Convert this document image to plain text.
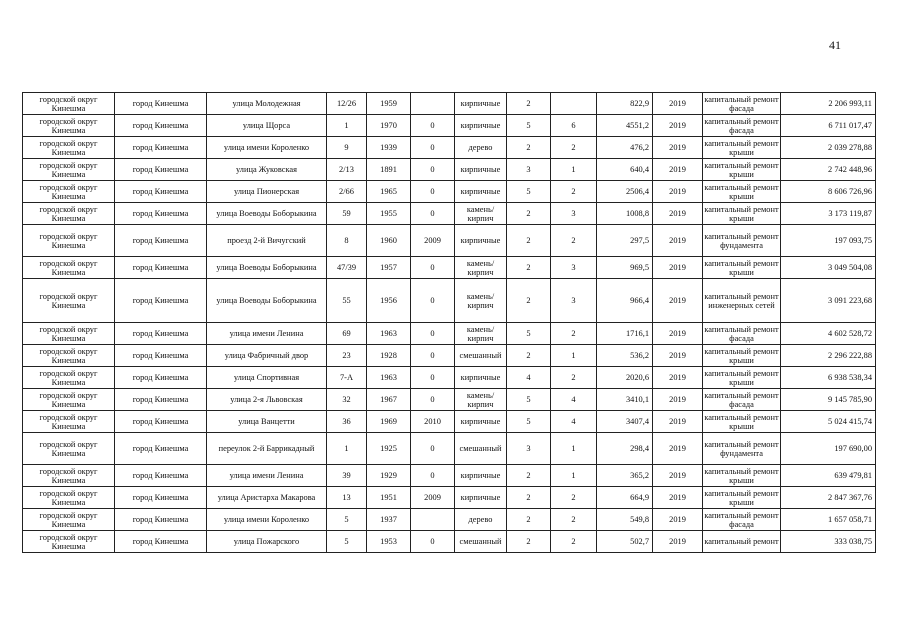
41
городской округ Кинешма	город Кинешма	улица Молодежная	12/26	1959		кирпичные	2		822,9	2019	капитальный ремонт фасада	2 206 993,11
городской округ Кинешма	город Кинешма	улица Щорса	1	1970	0	кирпичные	5	6	4551,2	2019	капитальный ремонт фасада	6 711 017,47
городской округ Кинешма	город Кинешма	улица имени Короленко	9	1939	0	дерево	2	2	476,2	2019	капитальный ремонт крыши	2 039 278,88
городской округ Кинешма	город Кинешма	улица Жуковская	2/13	1891	0	кирпичные	3	1	640,4	2019	капитальный ремонт крыши	2 742 448,96
городской округ Кинешма	город Кинешма	улица Пионерская	2/66	1965	0	кирпичные	5	2	2506,4	2019	капитальный ремонт крыши	8 606 726,96
городской округ Кинешма	город Кинешма	улица Воеводы Боборыкина	59	1955	0	камень/кирпич	2	3	1008,8	2019	капитальный ремонт крыши	3 173 119,87
городской округ Кинешма	город Кинешма	проезд 2-й Вичугский	8	1960	2009	кирпичные	2	2	297,5	2019	капитальный ремонт фундамента	197 093,75
городской округ Кинешма	город Кинешма	улица Воеводы Боборыкина	47/39	1957	0	камень/кирпич	2	3	969,5	2019	капитальный ремонт крыши	3 049 504,08
городской округ Кинешма	город Кинешма	улица Воеводы Боборыкина	55	1956	0	камень/кирпич	2	3	966,4	2019	капитальный ремонт инженерных сетей	3 091 223,68
городской округ Кинешма	город Кинешма	улица имени Ленина	69	1963	0	камень/кирпич	5	2	1716,1	2019	капитальный ремонт фасада	4 602 528,72
городской округ Кинешма	город Кинешма	улица Фабричный двор	23	1928	0	смешанный	2	1	536,2	2019	капитальный ремонт крыши	2 296 222,88
городской округ Кинешма	город Кинешма	улица Спортивная	7-А	1963	0	кирпичные	4	2	2020,6	2019	капитальный ремонт крыши	6 938 538,34
городской округ Кинешма	город Кинешма	улица 2-я Львовская	32	1967	0	камень/кирпич	5	4	3410,1	2019	капитальный ремонт фасада	9 145 785,90
городской округ Кинешма	город Кинешма	улица Ванцетти	36	1969	2010	кирпичные	5	4	3407,4	2019	капитальный ремонт крыши	5 024 415,74
городской округ Кинешма	город Кинешма	переулок 2-й Баррикадный	1	1925	0	смешанный	3	1	298,4	2019	капитальный ремонт фундамента	197 690,00
городской округ Кинешма	город Кинешма	улица имени Ленина	39	1929	0	кирпичные	2	1	365,2	2019	капитальный ремонт крыши	639 479,81
городской округ Кинешма	город Кинешма	улица Аристарха Макарова	13	1951	2009	кирпичные	2	2	664,9	2019	капитальный ремонт крыши	2 847 367,76
городской округ Кинешма	город Кинешма	улица имени Короленко	5	1937		дерево	2	2	549,8	2019	капитальный ремонт фасада	1 657 058,71
городской округ Кинешма	город Кинешма	улица Пожарского	5	1953	0	смешанный	2	2	502,7	2019	капитальный ремонт	333 038,75
